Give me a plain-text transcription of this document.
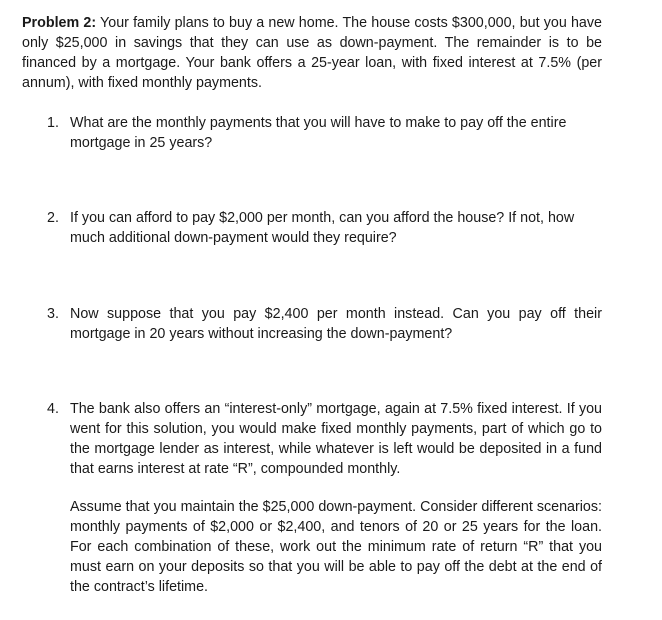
Problem 2: Your family plans to buy a new home. The house costs $300,000, but you have only $25,000 in savings that they can use as down-payment. The remainder is to be financed by a mortgage. Your bank offers a 25-year loan, with fixed interest at 7.5% (per annum), with fixed monthly payments.
1. What are the monthly payments that you will have to make to pay off the entire mortgage in 25 years?
2. If you can afford to pay $2,000 per month, can you afford the house? If not, how much additional down-payment would they require?
3. Now suppose that you pay $2,400 per month instead. Can you pay off their mortgage in 20 years without increasing the down-payment?
4. The bank also offers an “interest-only” mortgage, again at 7.5% fixed interest. If you went for this solution, you would make fixed monthly payments, part of which go to the mortgage lender as interest, while whatever is left would be deposited in a fund that earns interest at rate “R”, compounded monthly.
Assume that you maintain the $25,000 down-payment. Consider different scenarios: monthly payments of $2,000 or $2,400, and tenors of 20 or 25 years for the loan. For each combination of these, work out the minimum rate of return “R” that you must earn on your deposits so that you will be able to pay off the debt at the end of the contract’s lifetime.
